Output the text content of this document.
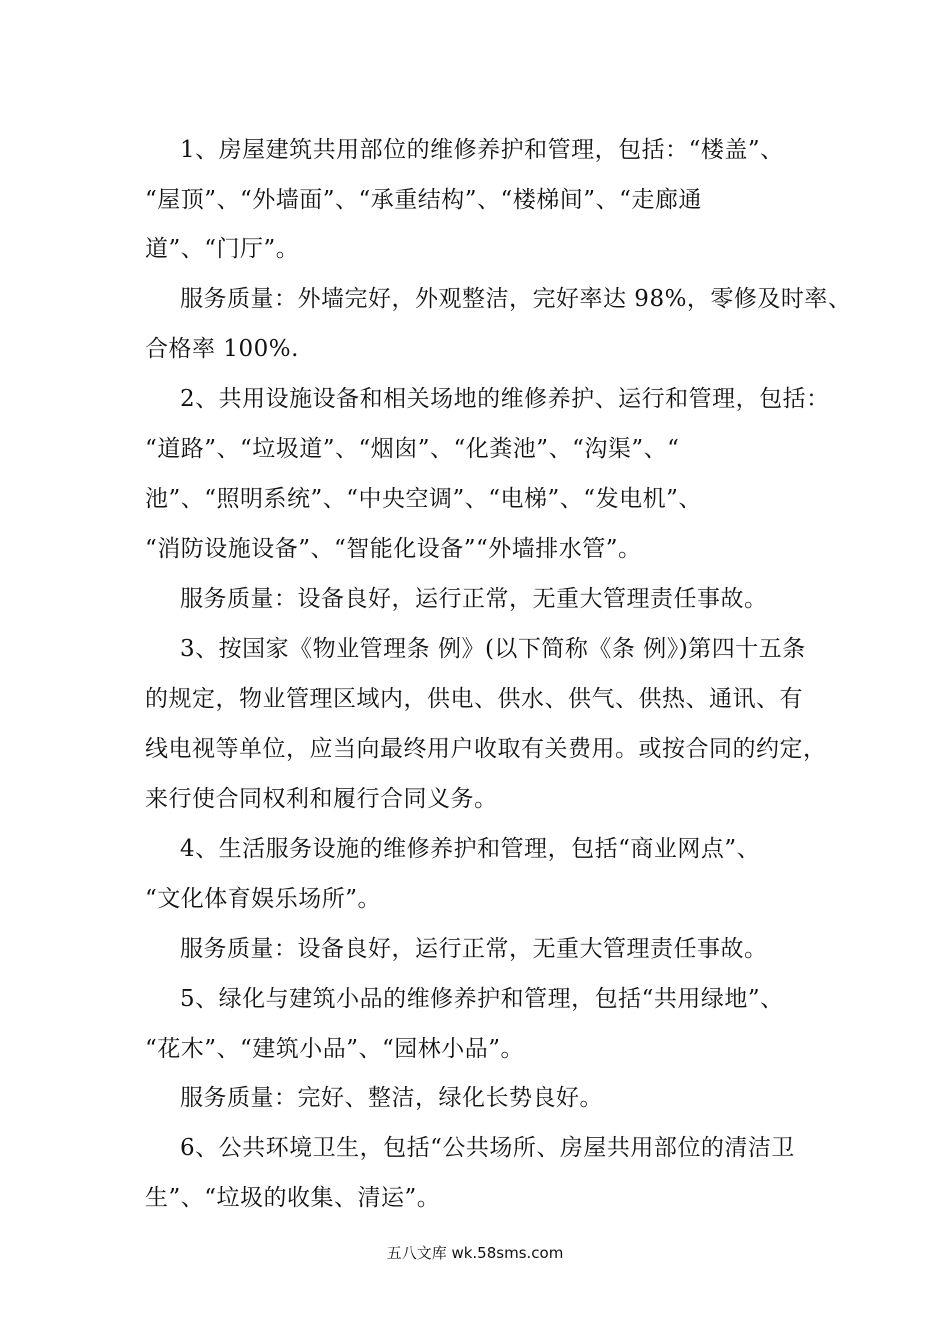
1、房屋建筑共用部位的维修养护和管理，包括：“楼盖”、
“屋顶”、“外墙面”、“承重结构”、“楼梯间”、“走廊通
道”、“门厅”。
服务质量：外墙完好，外观整洁，完好率达 98%，零修及时率、
合格率 100%.
2、共用设施设备和相关场地的维修养护、运行和管理，包括：
“道路”、“垃圾道”、“烟囱”、“化粪池”、“沟渠”、“
池”、“照明系统”、“中央空调”、“电梯”、“发电机”、
“消防设施设备”、“智能化设备”“外墙排水管”。
服务质量：设备良好，运行正常，无重大管理责任事故。
3、按国家《物业管理条 例》(以下简称《条 例》)第四十五条
的规定，物业管理区域内，供电、供水、供气、供热、通讯、有
线电视等单位，应当向最终用户收取有关费用。或按合同的约定，
来行使合同权利和履行合同义务。
4、生活服务设施的维修养护和管理，包括“商业网点”、
“文化体育娱乐场所”。
服务质量：设备良好，运行正常，无重大管理责任事故。
5、绿化与建筑小品的维修养护和管理，包括“共用绿地”、
“花木”、“建筑小品”、“园林小品”。
服务质量：完好、整洁，绿化长势良好。
6、公共环境卫生，包括“公共场所、房屋共用部位的清洁卫
生”、“垃圾的收集、清运”。
五八文库 wk.58sms.com
